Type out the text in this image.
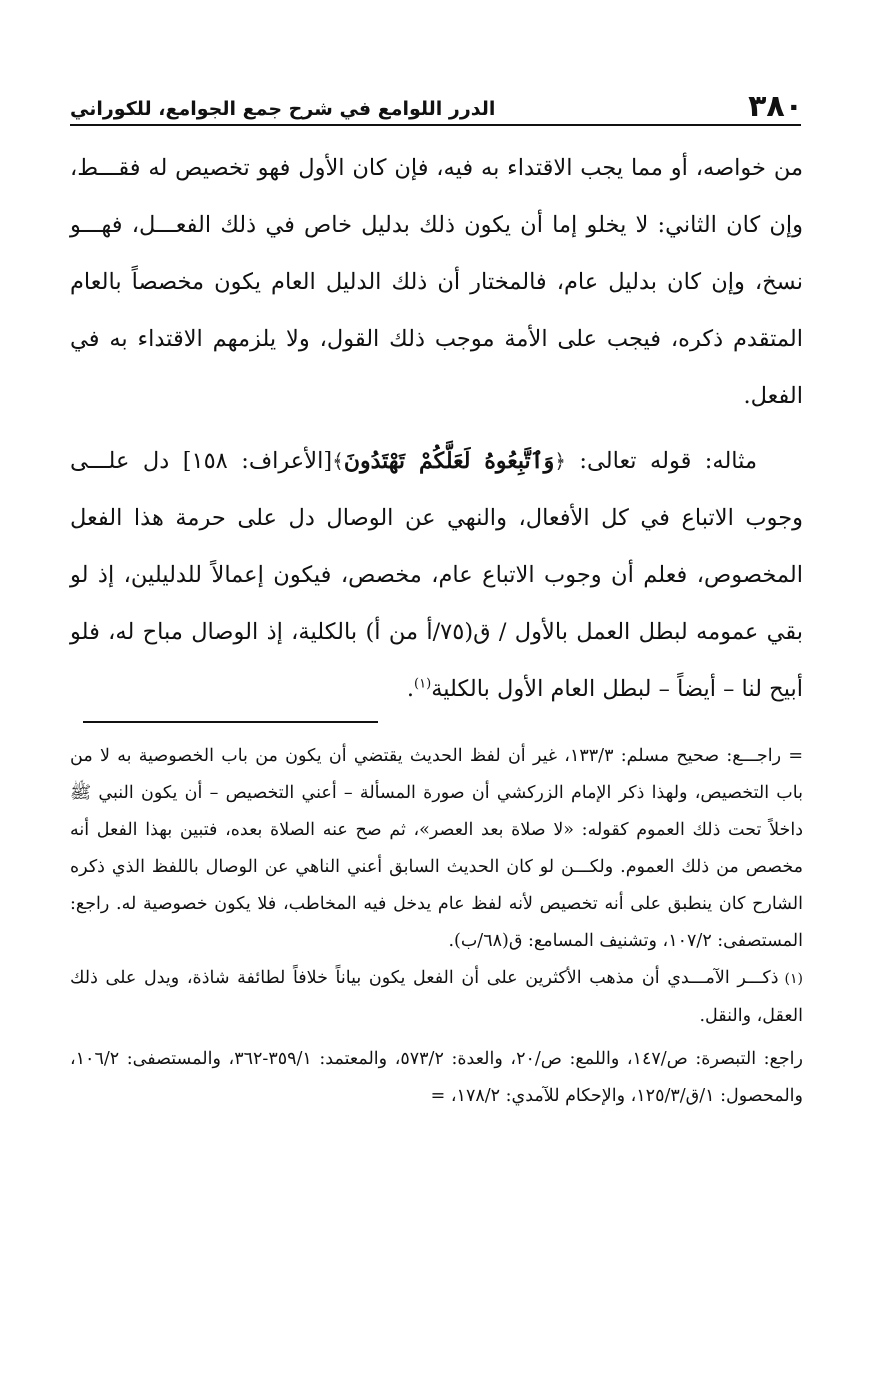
٣٨٠
الدرر اللوامع في شرح جمع الجوامع، للكوراني

من خواصه، أو مما يجب الاقتداء به فيه، فإن كان الأول فهو تخصيص له فقـــط، وإن كان الثاني: لا يخلو إما أن يكون ذلك بدليل خاص في ذلك الفعـــل، فهـــو نسخ، وإن كان بدليل عام، فالمختار أن ذلك الدليل العام يكون مخصصاً بالعام المتقدم ذكره، فيجب على الأمة موجب ذلك القول، ولا يلزمهم الاقتداء به في الفعل.

مثاله: قوله تعالى: ﴿وَٱتَّبِعُوهُ لَعَلَّكُمْ تَهْتَدُونَ﴾[الأعراف: ١٥٨] دل علـــى وجوب الاتباع في كل الأفعال، والنهي عن الوصال دل على حرمة هذا الفعل المخصوص، فعلم أن وجوب الاتباع عام، مخصص، فيكون إعمالاً للدليلين، إذ لو بقي عمومه لبطل العمل بالأول / ق(٧٥/أ من أ) بالكلية، إذ الوصال مباح له، فلو أبيح لنا – أيضاً – لبطل العام الأول بالكلية$^{(١)}$.

= راجـــع: صحيح مسلم: ١٣٣/٣، غير أن لفظ الحديث يقتضي أن يكون من باب الخصوصية به لا من باب التخصيص، ولهذا ذكر الإمام الزركشي أن صورة المسألة – أعني التخصيص – أن يكون النبي ﷺ داخلاً تحت ذلك العموم كقوله: «لا صلاة بعد العصر»، ثم صح عنه الصلاة بعده، فتبين بهذا الفعل أنه مخصص من ذلك العموم. ولكـــن لو كان الحديث السابق أعني الناهي عن الوصال باللفظ الذي ذكره الشارح كان ينطبق على أنه تخصيص لأنه لفظ عام يدخل فيه المخاطب، فلا يكون خصوصية له. راجع: المستصفى: ١٠٧/٢، وتشنيف المسامع: ق(٦٨/ب).

(١)ذكـــر الآمـــدي أن مذهب الأكثرين على أن الفعل يكون بياناً خلافاً لطائفة شاذة، ويدل على ذلك العقل، والنقل.

راجع: التبصرة: ص/١٤٧، واللمع: ص/٢٠، والعدة: ٥٧٣/٢، والمعتمد: ٣٥٩/١-٣٦٢، والمستصفى: ١٠٦/٢، والمحصول: ١/ق/١٢٥/٣، والإحكام للآمدي: ١٧٨/٢، =
